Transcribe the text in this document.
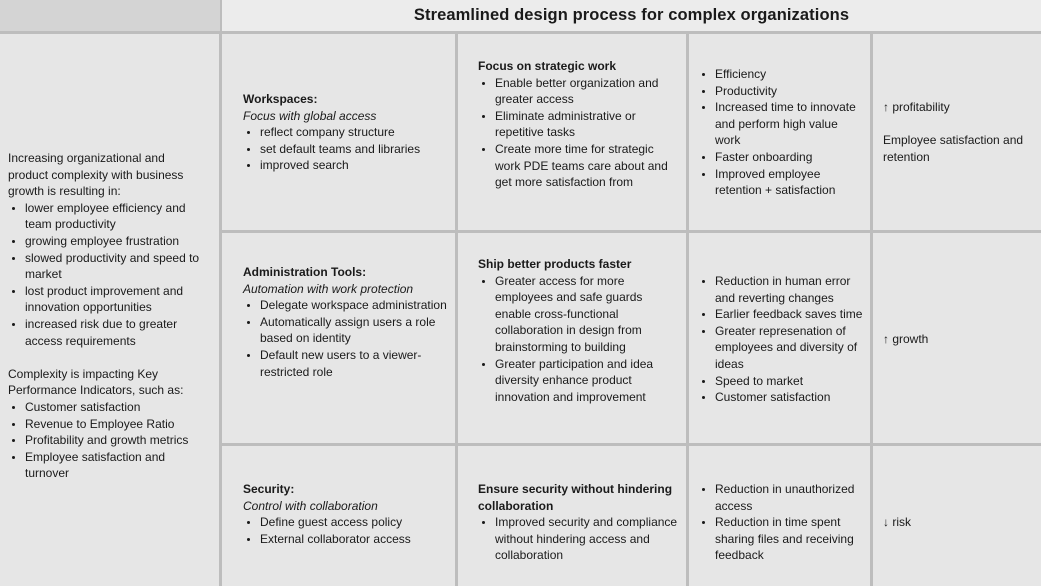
Streamlined design process for complex organizations

Increasing organizational and product complexity with business growth is resulting in:

• lower employee efficiency and team productivity
• growing employee frustration
• slowed productivity and speed to market
• lost product improvement and innovation opportunities
• increased risk due to greater access requirements

Complexity is impacting Key Performance Indicators, such as:

• Customer satisfaction
• Revenue to Employee Ratio
• Profitability and growth metrics
• Employee satisfaction and turnover

Workspaces:

Focus with global access

• reflect company structure
• set default teams and libraries
• improved search

Focus on strategic work

• Enable better organization and greater access
• Eliminate administrative or repetitive tasks
• Create more time for strategic work PDE teams care about and get more satisfaction from
• Efficiency
• Productivity
• Increased time to innovate and perform high value work
• Faster onboarding
• Improved employee retention + satisfaction

↑ profitability

Employee satisfaction and retention

Administration Tools:

Automation with work protection

• Delegate workspace administration
• Automatically assign users a role based on identity
• Default new users to a viewer-restricted role

Ship better products faster

• Greater access for more employees and safe guards enable cross-functional collaboration in design from brainstorming to building
• Greater participation and idea diversity enhance product innovation and improvement
• Reduction in human error and reverting changes
• Earlier feedback saves time
• Greater represenation of employees and diversity of ideas
• Speed to market
• Customer satisfaction

↑ growth

Security:

Control with collaboration

• Define guest access policy
• External collaborator access

Ensure security without hindering collaboration

• Improved security and compliance without hindering access and collaboration
• Reduction in unauthorized access
• Reduction in time spent sharing files and receiving feedback

↓ risk
